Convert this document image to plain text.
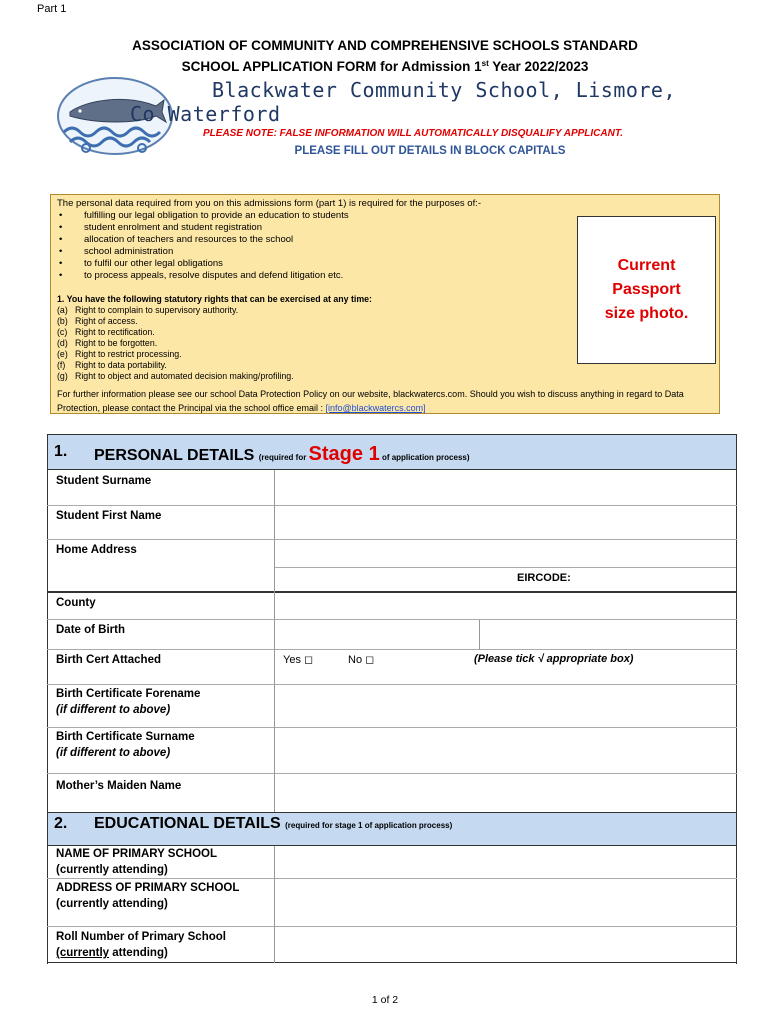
Part 1
ASSOCIATION OF COMMUNITY AND COMPREHENSIVE SCHOOLS STANDARD
SCHOOL APPLICATION FORM for Admission 1st Year 2022/2023
Blackwater Community School, Lismore,
Co Waterford
PLEASE NOTE: FALSE INFORMATION WILL AUTOMATICALLY DISQUALIFY APPLICANT.
PLEASE FILL OUT DETAILS IN BLOCK CAPITALS
The personal data required from you on this admissions form (part 1) is required for the purposes of:-
• fulfilling our legal obligation to provide an education to students
• student enrolment and student registration
• allocation of teachers and resources to the school
• school administration
• to fulfil our other legal obligations
• to process appeals, resolve disputes and defend litigation etc.
1. You have the following statutory rights that can be exercised at any time:
(a) Right to complain to supervisory authority.
(b) Right of access.
(c) Right to rectification.
(d) Right to be forgotten.
(e) Right to restrict processing.
(f) Right to data portability.
(g) Right to object and automated decision making/profiling.
For further information please see our school Data Protection Policy on our website, blackwatercs.com. Should you wish to discuss anything in regard to Data Protection, please contact the Principal via the school office email : [info@blackwatercs.com]
Current
Passport
size photo.
1. PERSONAL DETAILS (required for Stage 1 of application process)
Student Surname
Student First Name
Home Address
EIRCODE:
County
Date of Birth
Birth Cert Attached	Yes ◻	No ◻	(Please tick √ appropriate box)
Birth Certificate Forename
(if different to above)
Birth Certificate Surname
(if different to above)
Mother’s Maiden Name
2. EDUCATIONAL DETAILS (required for stage 1 of application process)
NAME OF PRIMARY SCHOOL
(currently attending)
ADDRESS OF PRIMARY SCHOOL
(currently attending)
Roll Number of Primary School
(currently attending)
1 of 2
